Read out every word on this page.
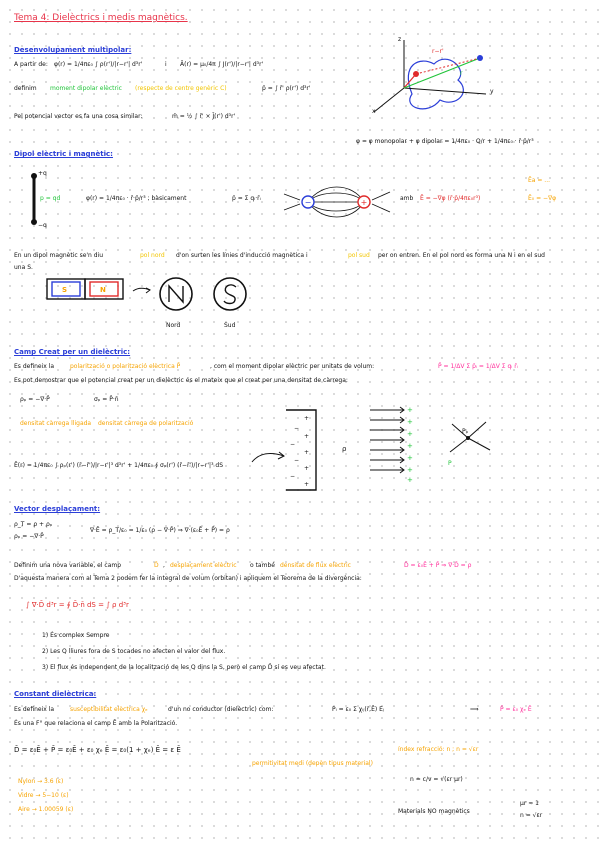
Tema 4: Dielèctrics i medis magnètics.
Desenvolupament multipolar:
A partir de: φ(r) = 1/4πε₀ ∫ ρ(r')/|r−r'| d³r'	i Ā(r) = μ₀/4π ∫ J(r')/|r−r'| d³r'
definim moment dipolar elèctric (respecte de centre genèric C)	p̄ = ∫ r̄' ρ(r') d³r'
Pel potencial vector es fa una cosa similar:	m̄ = ½ ∫ r̄' × J̄(r') d³r'
r−r'
r
x
y
z
φ ≃ φ monopolar + φ dipolar = 1/4πε₀ · Q/r + 1/4πε₀ · r̄·p̄/r³
Dipol elèctric i magnètic:
+q
−q
p = qd	φ(r) = 1/4πε₀ · r̄·p̄/r³ ; bàsicament	p̄ = Σ qᵢ·r̄ᵢ	−	+	amb Ē = −∇φ (r̄·p̄/4πε₀r³)
Ēa = ...
Ē₀ = −∇φ
En un dipol magnètic se'n diu	pol nord d'on surten les línies d'inducció magnètica i	pol sud per on entren. En el pol nord es forma una N i en el sud
una S.
S	N
Nord	Sud
Camp Creat per un dielèctric:
Es defineix la	polarització o polarització elèctrica P̄	, com el moment dipolar elèctric per unitats de volum:	P̄ = 1/ΔV Σ p̄ᵢ = 1/ΔV Σ qᵢ r̄ᵢ
Es pot demostrar que el potencial creat per un dielèctric és el mateix que el creat per una densitat de càrrega:
ρₚ = −∇·P̄	σₚ = P̄·n̄
densitat càrrega lligada densitat càrrega de polarització
Ē(r) = 1/4πε₀ ∫ ρₚ(r') (r̄−r̄')/|r−r'|³ d³r' + 1/4πε₀ ∮ σₚ(r') (r̄−r̄')/|r−r'|³ dS
+
−
+
−
+
−
+
−
+
ρ
+
+
+
+
+
+
+
Pₚ
P
Vector desplaçament:
ρ_T = ρ + ρₚ
ρₚ = −∇·P̄
∇·Ē = ρ_T/ε₀ = 1/ε₀ (ρ − ∇·P̄) ⇒ ∇·(ε₀Ē + P̄) = ρ
Definim una nova variable, el camp	D̄ , desplaçament elèctric o també densitat de flux elèctric	D̄ = ε₀Ē + P̄ ⇒ ∇·D̄ = ρ
D'aquesta manera com al Tema 2 podem fer la integral de volum (orbitan) i apliquem el Teorema de la divergència:
∫ ∇·D̄ d³r = ∮ D̄·n̄ dS = ∫ ρ d³r
1) És complex Sempre
2) Les Q lliures fora de S tocades no afecten el valor del flux.
3) El flux és independent de la localització de les Q dins la S, però el camp D̄ sí es veu afectat.
Constant dielèctrica:
Es defineix la	susceptibilitat elèctrica χₑ	d'un no conductor (dielèctric) com:	Pᵢ = ε₀ Σ χᵢⱼ(r̄,Ē) Eⱼ	⟹	P̄ = ε₀ χₑ Ē
És una F° que relaciona el camp Ē amb la Polarització.
D̄ = ε₀Ē + P̄ = ε₀Ē + ε₀ χₑ Ē = ε₀(1 + χₑ) Ē = ε Ē
permitivitat medi (depèn tipus material)
Nylon → 3.6 (ε)
Vidre → 5−10 (ε)
Aire → 1.00059 (ε)
índex refracció: n ; n = √εr
n = c/v = √(εr μr)
Materials NO magnètics
μr ≈ 1
n = √εr
